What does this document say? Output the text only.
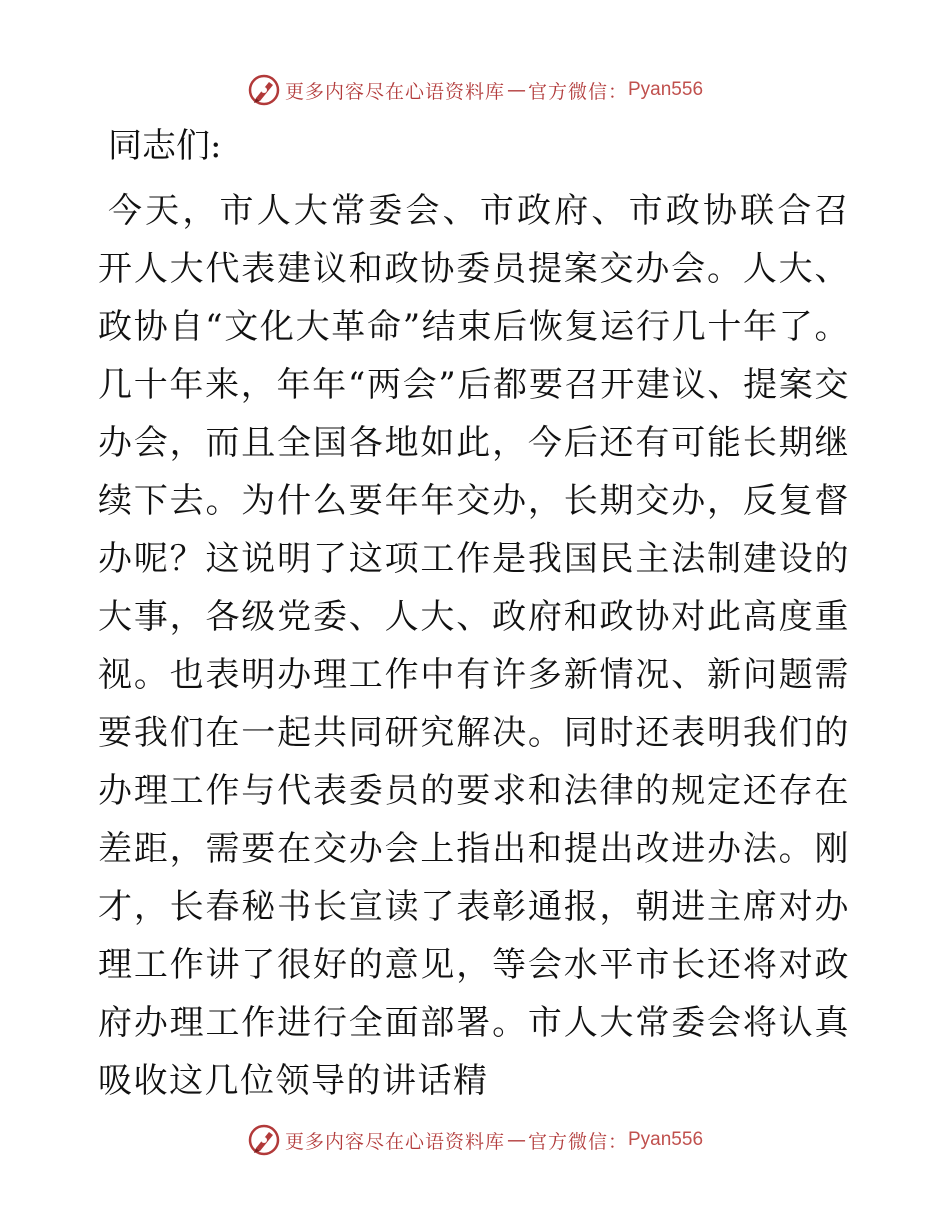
更多内容尽在心语资料库 — 官方微信： Pyan556

同志们:

今天，市人大常委会、市政府、市政协联合召开人大代表建议和政协委员提案交办会。人大、政协自“文化大革命”结束后恢复运行几十年了。几十年来，年年“两会”后都要召开建议、提案交办会，而且全国各地如此，今后还有可能长期继续下去。为什么要年年交办，长期交办，反复督办呢？这说明了这项工作是我国民主法制建设的大事，各级党委、人大、政府和政协对此高度重视。也表明办理工作中有许多新情况、新问题需要我们在一起共同研究解决。同时还表明我们的办理工作与代表委员的要求和法律的规定还存在差距，需要在交办会上指出和提出改进办法。刚才，长春秘书长宣读了表彰通报，朝进主席对办理工作讲了很好的意见，等会水平市长还将对政府办理工作进行全面部署。市人大常委会将认真吸收这几位领导的讲话精

更多内容尽在心语资料库 — 官方微信： Pyan556
